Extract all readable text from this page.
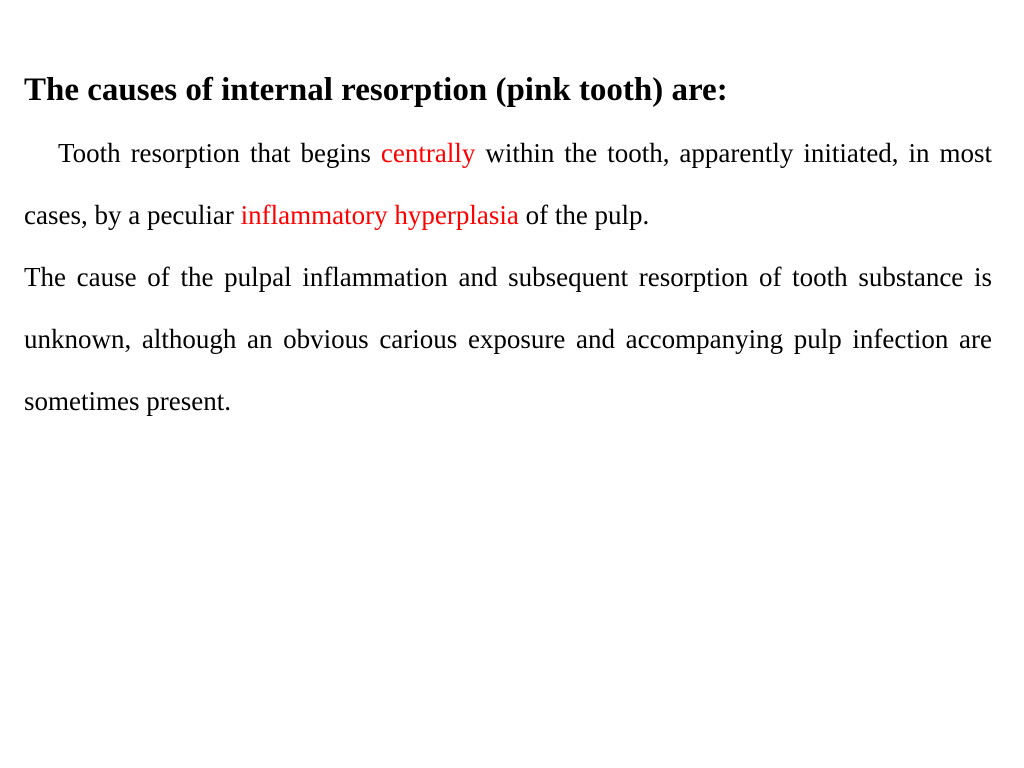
The causes of internal resorption (pink tooth) are:

Tooth resorption that begins centrally within the tooth, apparently initiated, in most cases, by a peculiar inflammatory hyperplasia of the pulp.

The cause of the pulpal inflammation and subsequent resorption of tooth substance is unknown, although an obvious carious exposure and accompanying pulp infection are sometimes present.
